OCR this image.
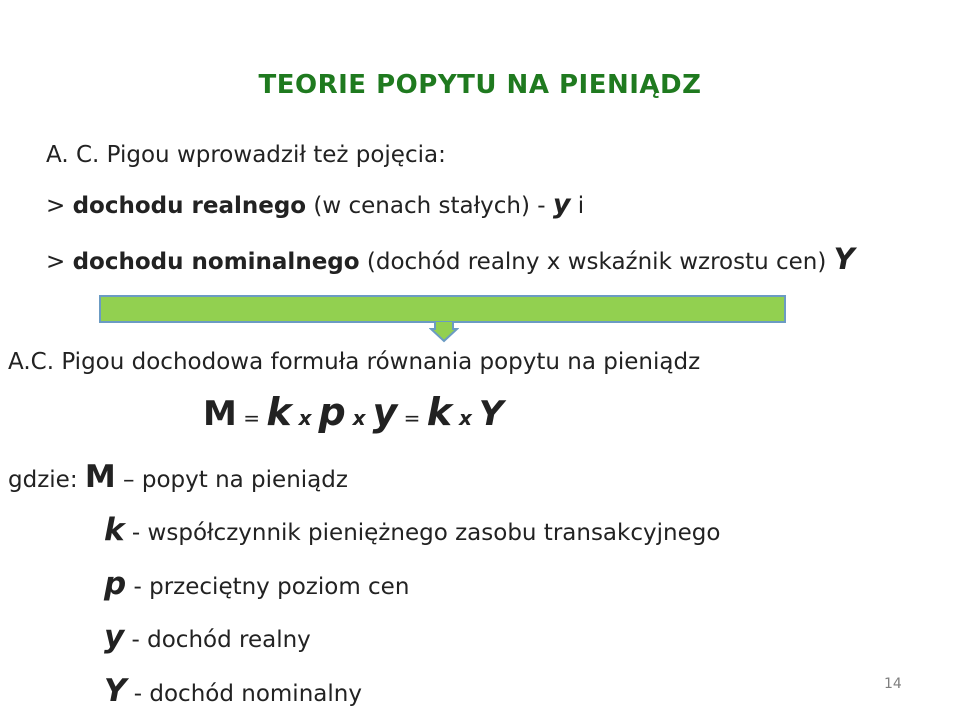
TEORIE POPYTU NA PIENIĄDZ
A. C. Pigou wprowadził też pojęcia:
> dochodu realnego (w cenach stałych) - y i
> dochodu nominalnego (dochód realny x wskaźnik wzrostu cen) Y
A.C. Pigou dochodowa formuła równania popytu na pieniądz
M = k x p x y = k x Y
gdzie: M – popyt na pieniądz
k - współczynnik pieniężnego zasobu transakcyjnego
p - przeciętny poziom cen
y - dochód realny
Y - dochód nominalny	14
